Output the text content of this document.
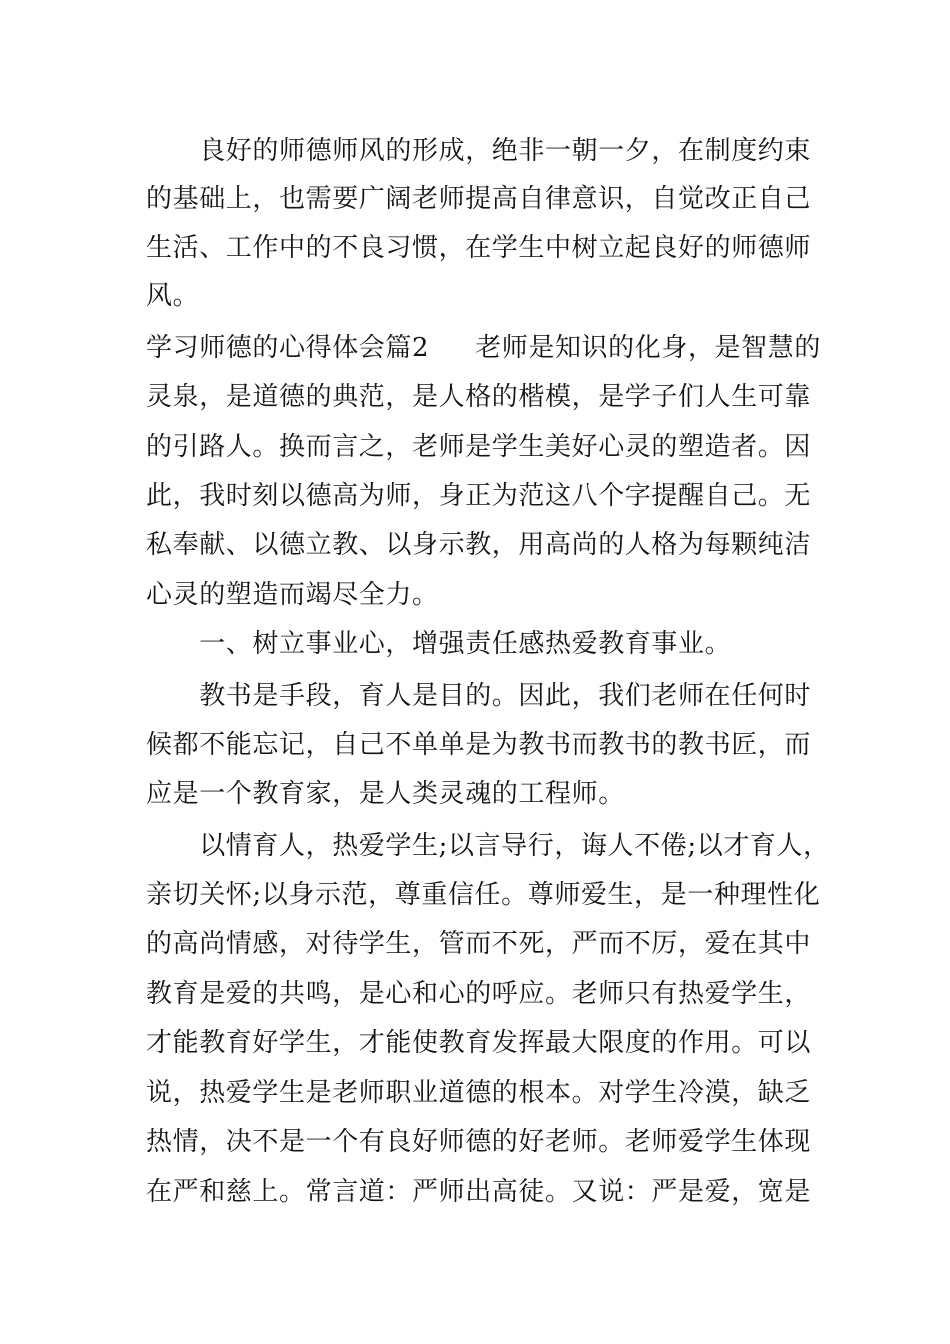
　　良好的师德师风的形成，绝非一朝一夕，在制度约束
的基础上，也需要广阔老师提高自律意识，自觉改正自己
生活、工作中的不良习惯，在学生中树立起良好的师德师
风。
学习师德的心得体会篇2 老师是知识的化身，是智慧的
灵泉，是道德的典范，是人格的楷模，是学子们人生可靠
的引路人。换而言之，老师是学生美好心灵的塑造者。因
此，我时刻以德高为师，身正为范这八个字提醒自己。无
私奉献、以德立教、以身示教，用高尚的人格为每颗纯洁
心灵的塑造而竭尽全力。
　　一、树立事业心，增强责任感热爱教育事业。
　　教书是手段，育人是目的。因此，我们老师在任何时
候都不能忘记，自己不单单是为教书而教书的教书匠，而
应是一个教育家，是人类灵魂的工程师。
　　以情育人，热爱学生;以言导行，诲人不倦;以才育人，
亲切关怀;以身示范，尊重信任。尊师爱生，是一种理性化
的高尚情感，对待学生，管而不死，严而不厉，爱在其中
教育是爱的共鸣，是心和心的呼应。老师只有热爱学生，
才能教育好学生，才能使教育发挥最大限度的作用。可以
说，热爱学生是老师职业道德的根本。对学生冷漠，缺乏
热情，决不是一个有良好师德的好老师。老师爱学生体现
在严和慈上。常言道：严师出高徒。又说：严是爱，宽是
